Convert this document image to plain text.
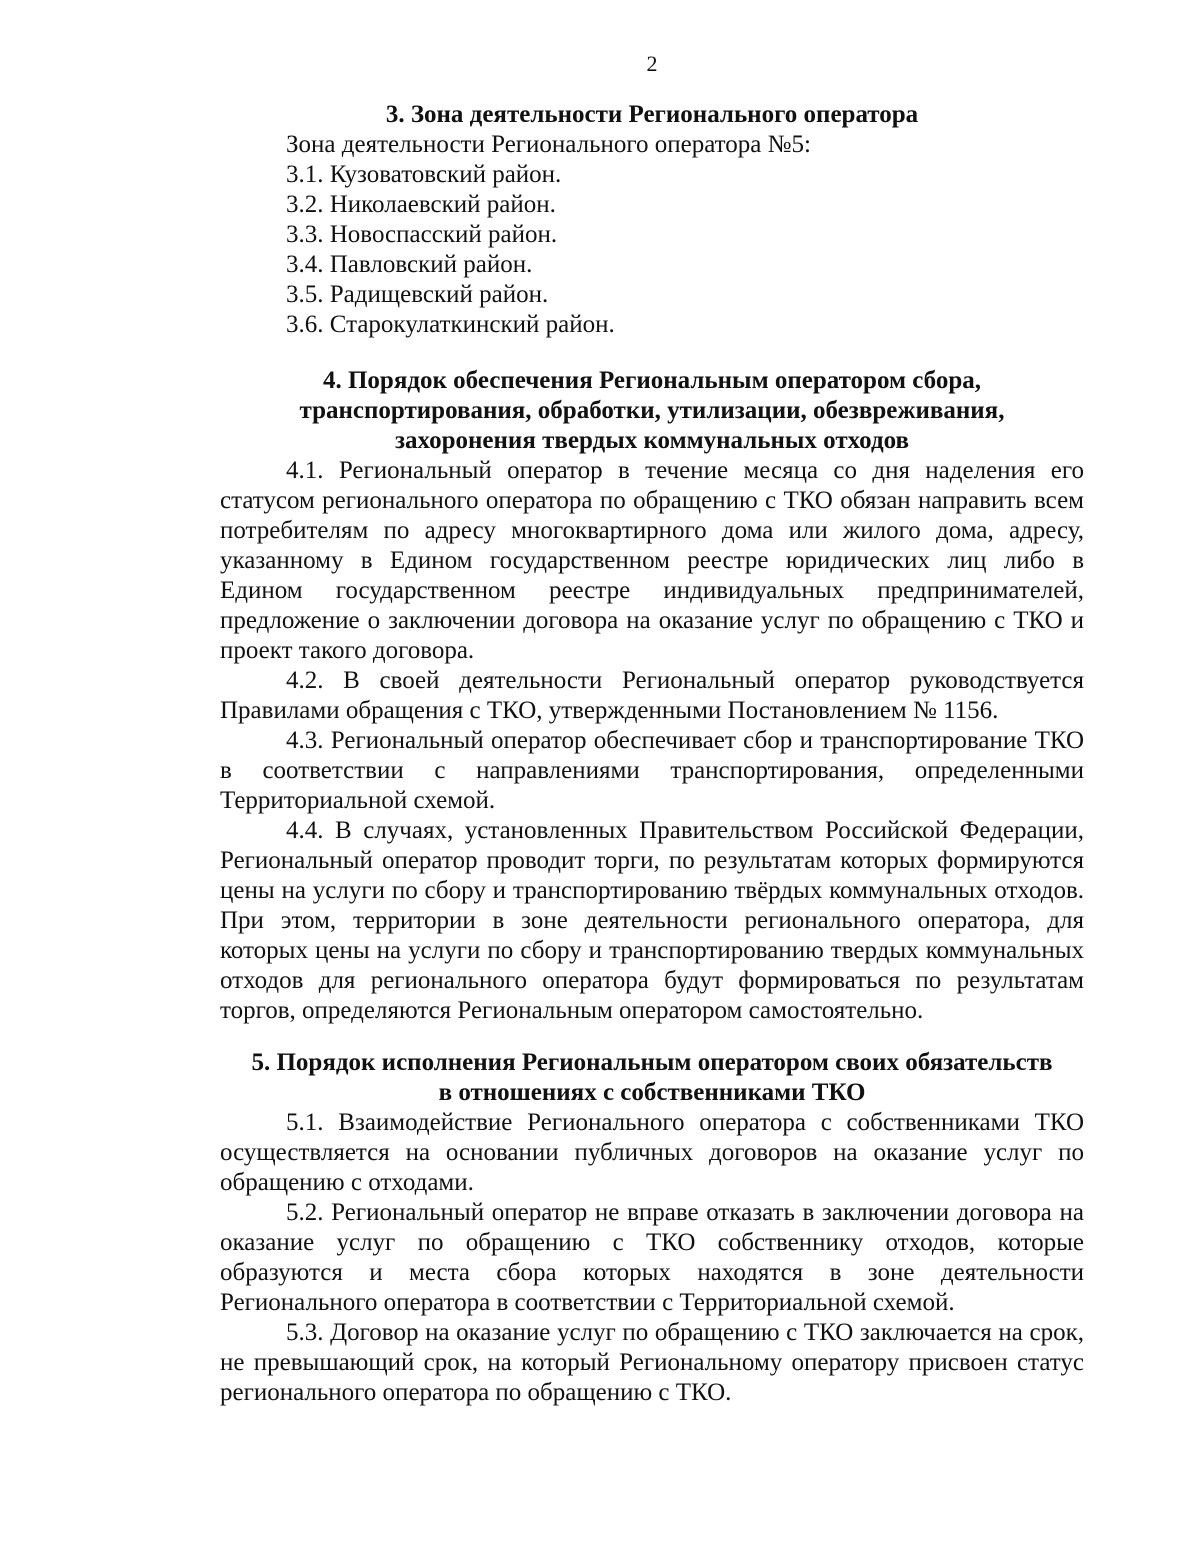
2
3. Зона деятельности Регионального оператора

Зона деятельности Регионального оператора №5:

3.1. Кузоватовский район.

3.2. Николаевский район.

3.3. Новоспасский район.

3.4. Павловский район.

3.5. Радищевский район.

3.6. Старокулаткинский район.

4. Порядок обеспечения Региональным оператором сбора,
транспортирования, обработки, утилизации, обезвреживания,
захоронения твердых коммунальных отходов

4.1. Региональный оператор в течение месяца со дня наделения его статусом регионального оператора по обращению с ТКО обязан направить всем потребителям по адресу многоквартирного дома или жилого дома, адресу, указанному в Едином государственном реестре юридических лиц либо в Едином государственном реестре индивидуальных предпринимателей, предложение о заключении договора на оказание услуг по обращению с ТКО и проект такого договора.

4.2. В своей деятельности Региональный оператор руководствуется Правилами обращения с ТКО, утвержденными Постановлением № 1156.

4.3. Региональный оператор обеспечивает сбор и транспортирование ТКО в соответствии с направлениями транспортирования, определенными Территориальной схемой.

4.4. В случаях, установленных Правительством Российской Федерации, Региональный оператор проводит торги, по результатам которых формируются цены на услуги по сбору и транспортированию твёрдых коммунальных отходов. При этом, территории в зоне деятельности регионального оператора, для которых цены на услуги по сбору и транспортированию твердых коммунальных отходов для регионального оператора будут формироваться по результатам торгов, определяются Региональным оператором самостоятельно.

5. Порядок исполнения Региональным оператором своих обязательств
в отношениях с собственниками ТКО

5.1. Взаимодействие Регионального оператора с собственниками ТКО осуществляется на основании публичных договоров на оказание услуг по обращению с отходами.

5.2. Региональный оператор не вправе отказать в заключении договора на оказание услуг по обращению с ТКО собственнику отходов, которые образуются и места сбора которых находятся в зоне деятельности Регионального оператора в соответствии с Территориальной схемой.

5.3. Договор на оказание услуг по обращению с ТКО заключается на срок, не превышающий срок, на который Региональному оператору присвоен статус регионального оператора по обращению с ТКО.
